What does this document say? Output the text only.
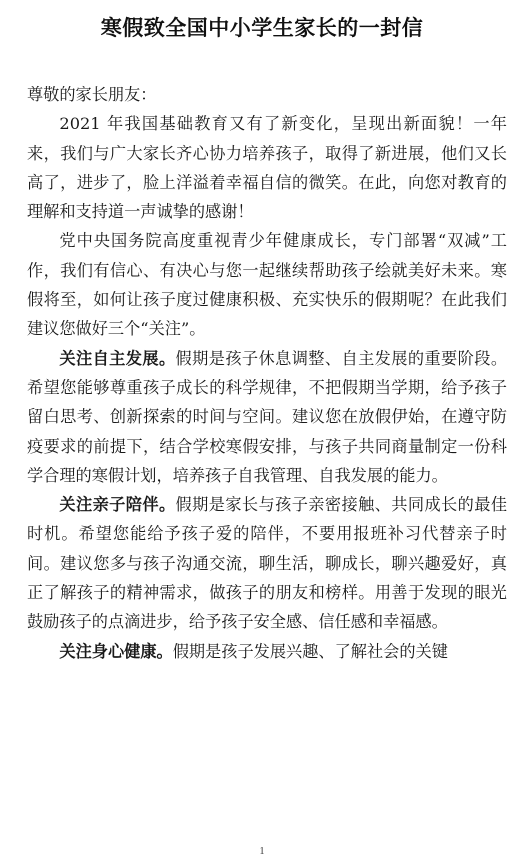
寒假致全国中小学生家长的一封信

尊敬的家长朋友：

2021 年我国基础教育又有了新变化，呈现出新面貌！一年来，我们与广大家长齐心协力培养孩子，取得了新进展，他们又长高了，进步了，脸上洋溢着幸福自信的微笑。在此，向您对教育的理解和支持道一声诚挚的感谢！

党中央国务院高度重视青少年健康成长，专门部署“双减”工作，我们有信心、有决心与您一起继续帮助孩子绘就美好未来。寒假将至，如何让孩子度过健康积极、充实快乐的假期呢？在此我们建议您做好三个“关注”。

关注自主发展。假期是孩子休息调整、自主发展的重要阶段。希望您能够尊重孩子成长的科学规律，不把假期当学期，给予孩子留白思考、创新探索的时间与空间。建议您在放假伊始，在遵守防疫要求的前提下，结合学校寒假安排，与孩子共同商量制定一份科学合理的寒假计划，培养孩子自我管理、自我发展的能力。

关注亲子陪伴。假期是家长与孩子亲密接触、共同成长的最佳时机。希望您能给予孩子爱的陪伴，不要用报班补习代替亲子时间。建议您多与孩子沟通交流，聊生活，聊成长，聊兴趣爱好，真正了解孩子的精神需求，做孩子的朋友和榜样。用善于发现的眼光鼓励孩子的点滴进步，给予孩子安全感、信任感和幸福感。

关注身心健康。假期是孩子发展兴趣、了解社会的关键

1
